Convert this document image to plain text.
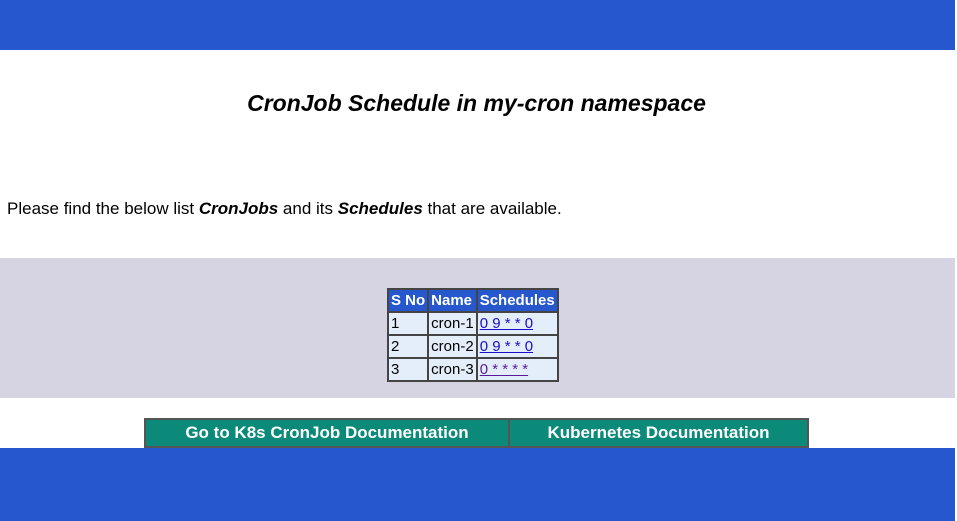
CronJob Schedule in my-cron namespace

Please find the below list CronJobs and its Schedules that are available.

S No	Name	Schedules
1	cron-1	0 9 * * 0
2	cron-2	0 9 * * 0
3	cron-3	0 * * * *
Go to K8s CronJob Documentation	Kubernetes Documentation
